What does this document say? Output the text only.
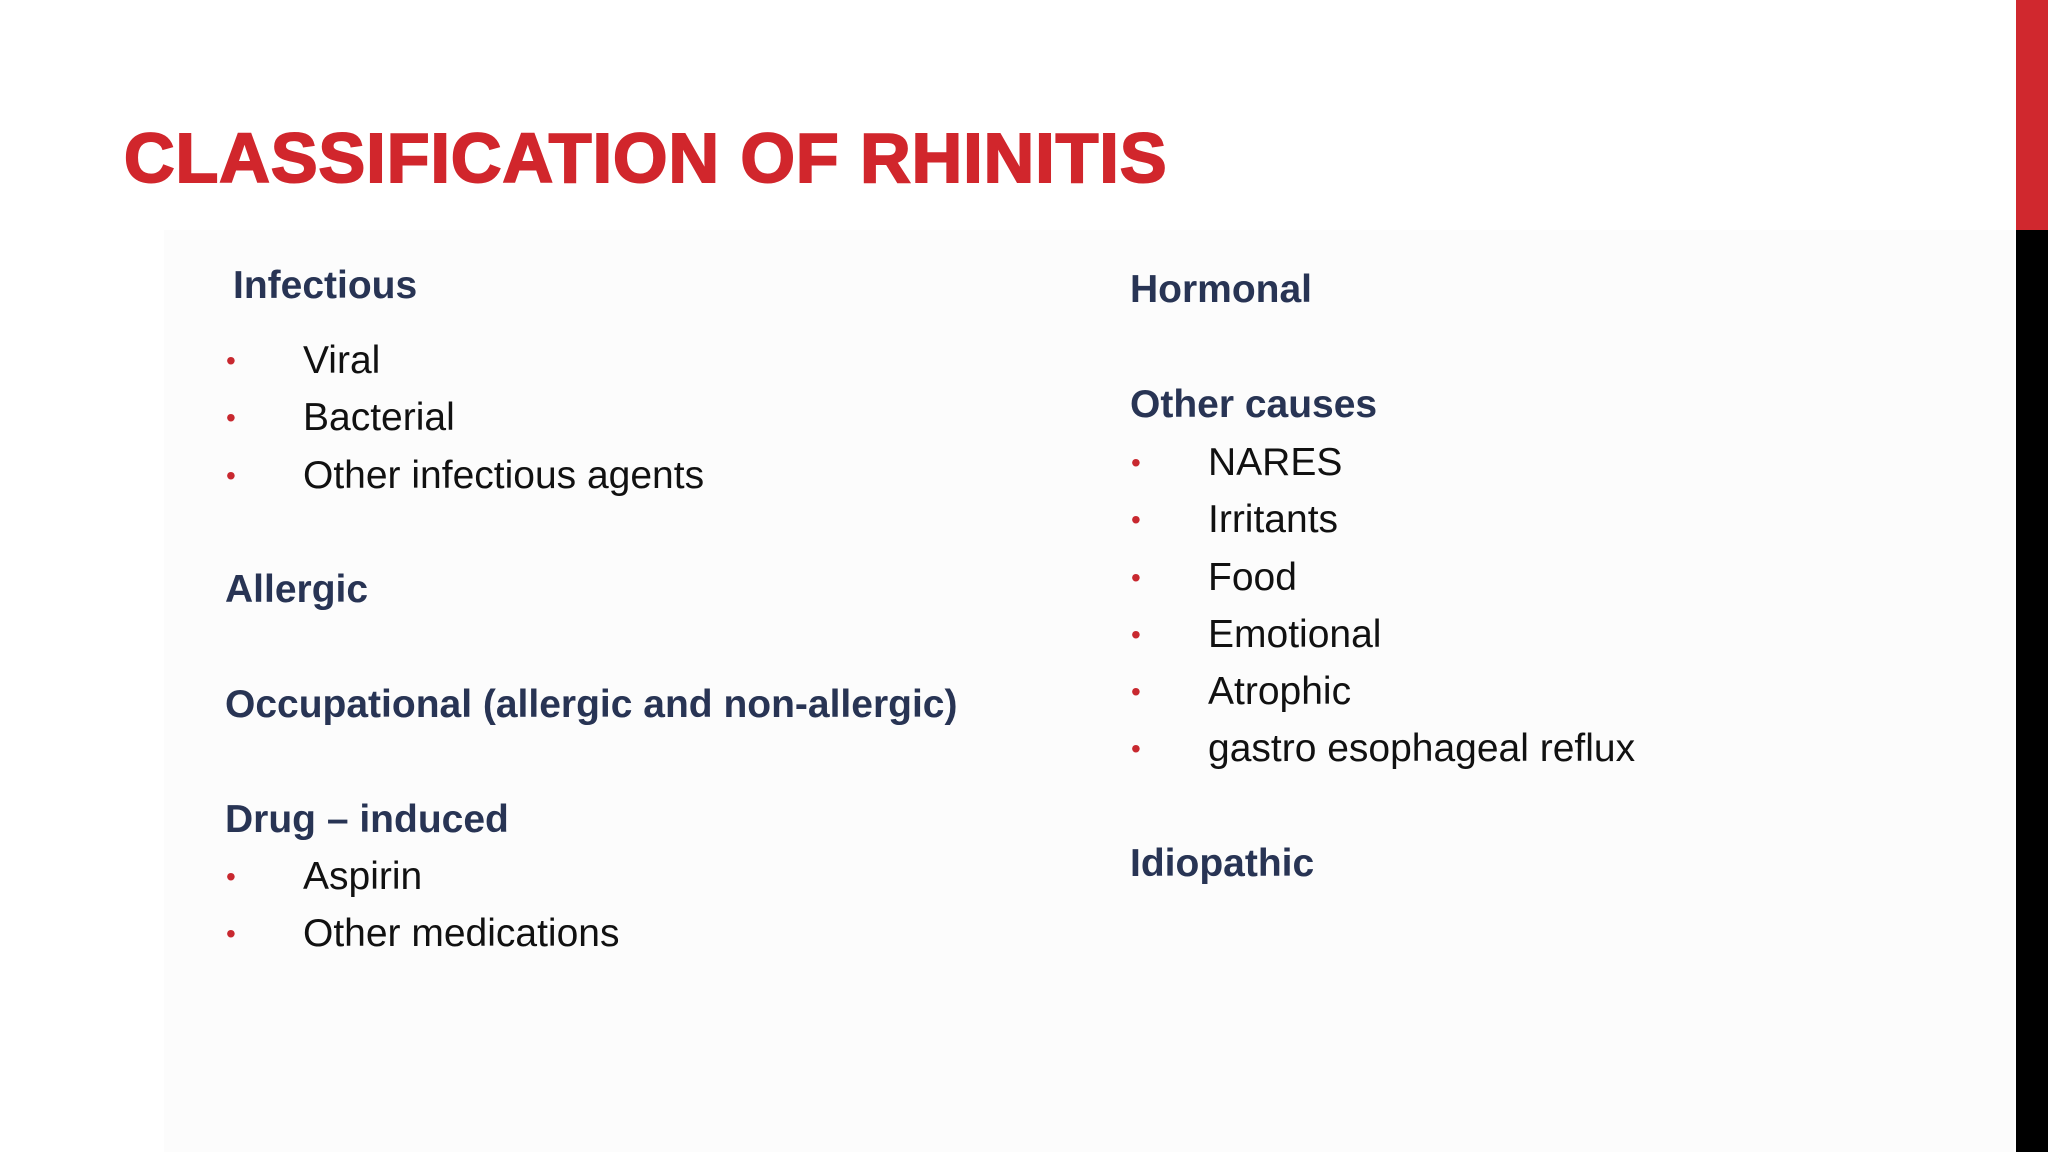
CLASSIFICATION OF RHINITIS
Infectious
• Viral
• Bacterial
• Other infectious agents
Allergic
Occupational (allergic and non-allergic)
Drug – induced
• Aspirin
• Other medications
Hormonal
Other causes
• NARES
• Irritants
• Food
• Emotional
• Atrophic
• gastro esophageal reflux
Idiopathic
